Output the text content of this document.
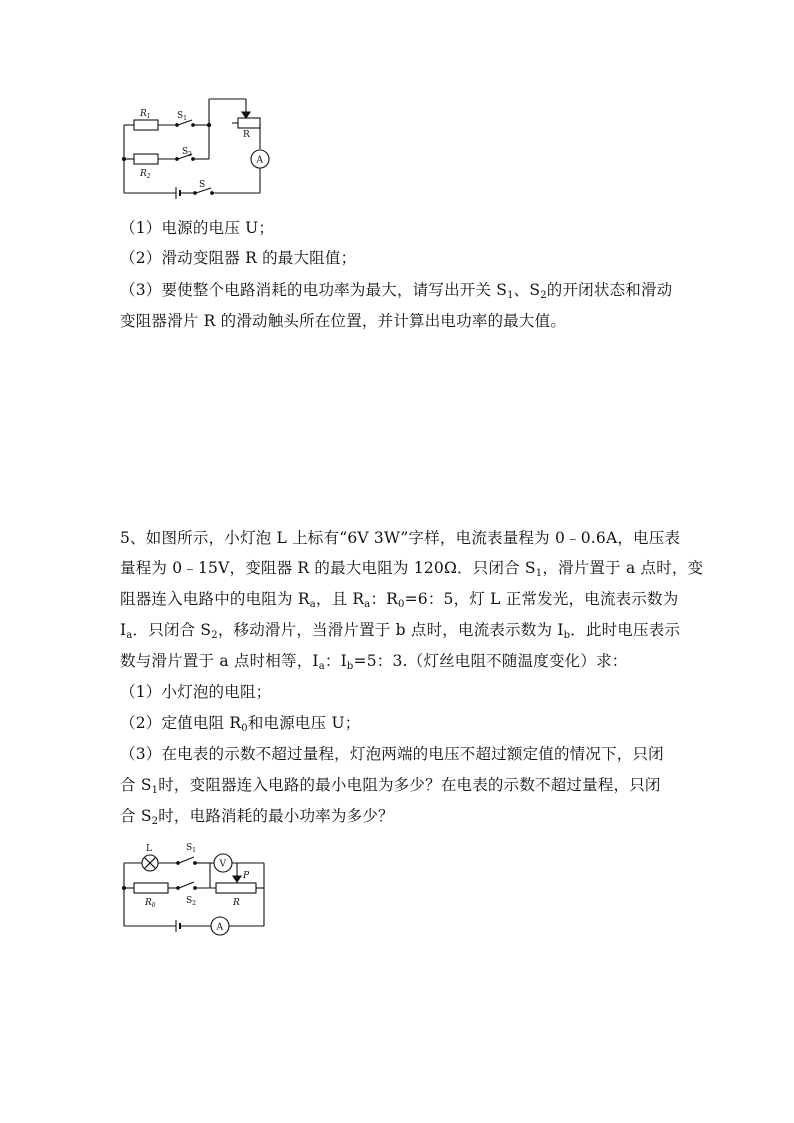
$R_1$	$S_1$
$S_2$
$R_2$
S
R
A
（1）电源的电压 U；
（2）滑动变阻器 R 的最大阻值；
（3）要使整个电路消耗的电功率为最大，请写出开关 $S_1$、$S_2$的开闭状态和滑动
变阻器滑片 R 的滑动触头所在位置，并计算出电功率的最大值。
5、如图所示，小灯泡 L 上标有“6V 3W”字样，电流表量程为 0﹣0.6A，电压表
量程为 0﹣15V，变阻器 R 的最大电阻为 120Ω．只闭合 $S_1$，滑片置于 a 点时，变
阻器连入电路中的电阻为 $R_a$，且 $R_a$：$R_0=6$：5，灯 L 正常发光，电流表示数为
$I_a$．只闭合 $S_2$，移动滑片，当滑片置于 b 点时，电流表示数为 $I_b$．此时电压表示
数与滑片置于 a 点时相等，$I_a$：$I_b=5$：3.（灯丝电阻不随温度变化）求：
（1）小灯泡的电阻；
（2）定值电阻 $R_0$和电源电压 U；
（3）在电表的示数不超过量程，灯泡两端的电压不超过额定值的情况下，只闭
合 $S_1$时，变阻器连入电路的最小电阻为多少？在电表的示数不超过量程，只闭
合 $S_2$时，电路消耗的最小功率为多少？
L	$S_1$
$S_2$
V
A
P
$R_0$	R
